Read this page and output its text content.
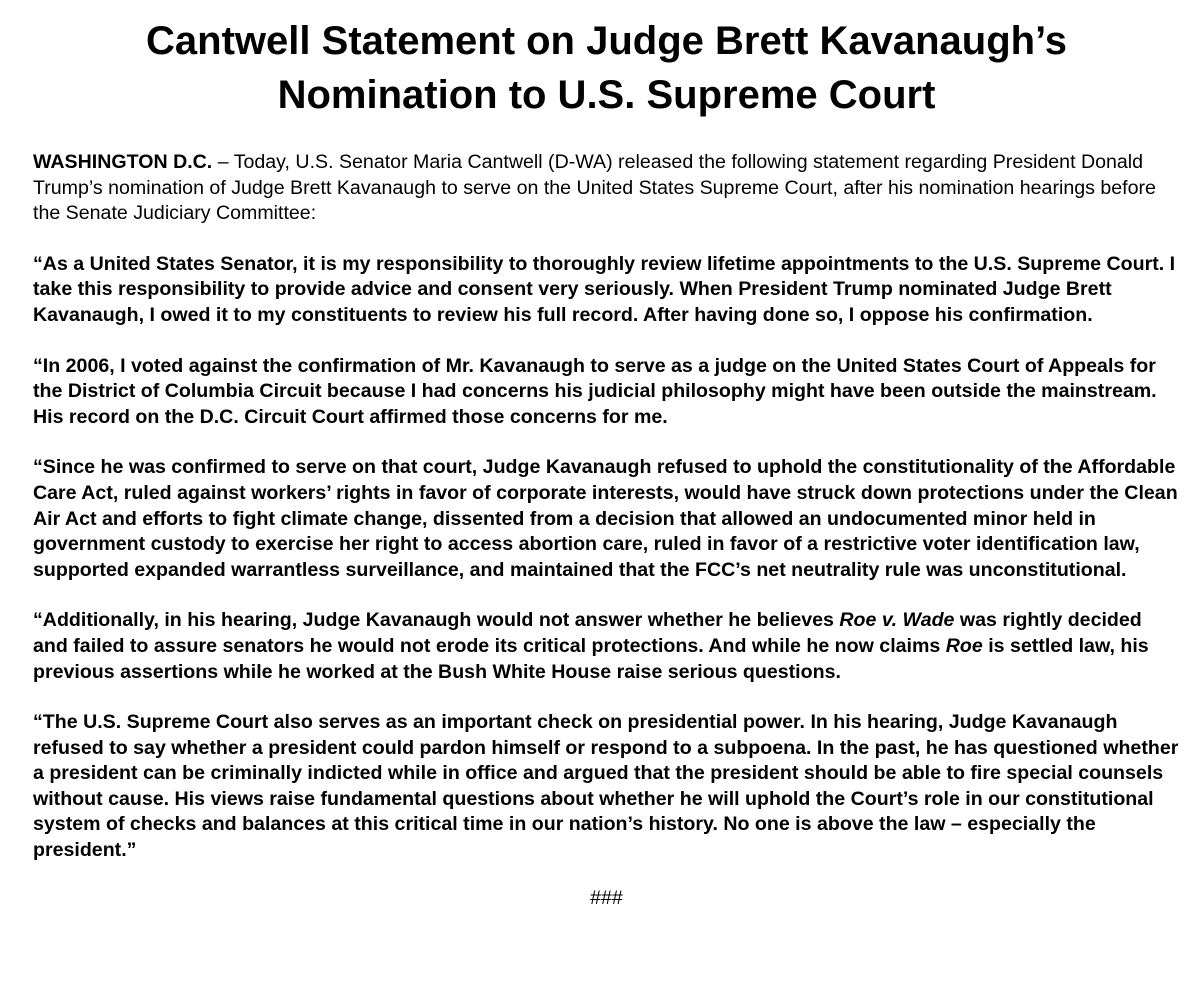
Cantwell Statement on Judge Brett Kavanaugh’s
Nomination to U.S. Supreme Court

WASHINGTON D.C. – Today, U.S. Senator Maria Cantwell (D-WA) released the following statement regarding President Donald Trump’s nomination of Judge Brett Kavanaugh to serve on the United States Supreme Court, after his nomination hearings before the Senate Judiciary Committee:

“As a United States Senator, it is my responsibility to thoroughly review lifetime appointments to the U.S. Supreme Court. I take this responsibility to provide advice and consent very seriously. When President Trump nominated Judge Brett Kavanaugh, I owed it to my constituents to review his full record. After having done so, I oppose his confirmation.

“In 2006, I voted against the confirmation of Mr. Kavanaugh to serve as a judge on the United States Court of Appeals for the District of Columbia Circuit because I had concerns his judicial philosophy might have been outside the mainstream. His record on the D.C. Circuit Court affirmed those concerns for me.

“Since he was confirmed to serve on that court, Judge Kavanaugh refused to uphold the constitutionality of the Affordable Care Act, ruled against workers’ rights in favor of corporate interests, would have struck down protections under the Clean Air Act and efforts to fight climate change, dissented from a decision that allowed an undocumented minor held in government custody to exercise her right to access abortion care, ruled in favor of a restrictive voter identification law, supported expanded warrantless surveillance, and maintained that the FCC’s net neutrality rule was unconstitutional.

“Additionally, in his hearing, Judge Kavanaugh would not answer whether he believes Roe v. Wade was rightly decided and failed to assure senators he would not erode its critical protections. And while he now claims Roe is settled law, his previous assertions while he worked at the Bush White House raise serious questions.

“The U.S. Supreme Court also serves as an important check on presidential power. In his hearing, Judge Kavanaugh refused to say whether a president could pardon himself or respond to a subpoena. In the past, he has questioned whether a president can be criminally indicted while in office and argued that the president should be able to fire special counsels without cause. His views raise fundamental questions about whether he will uphold the Court’s role in our constitutional system of checks and balances at this critical time in our nation’s history. No one is above the law – especially the president.”

###
